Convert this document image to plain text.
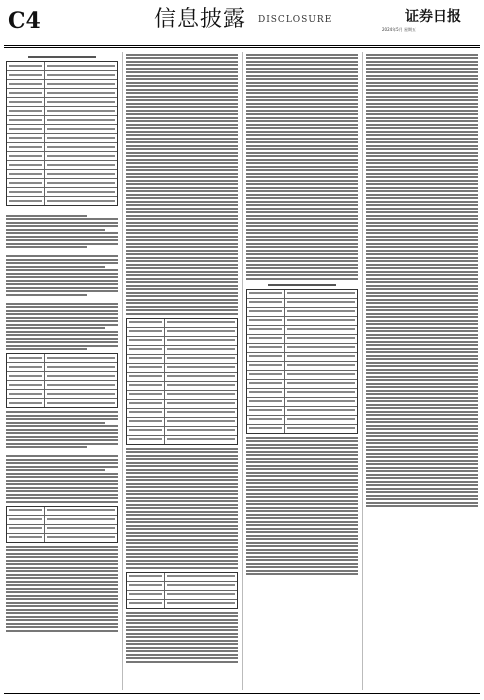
C4	信息披露 DISCLOSURE	证券日报
2024年5月 星期五
